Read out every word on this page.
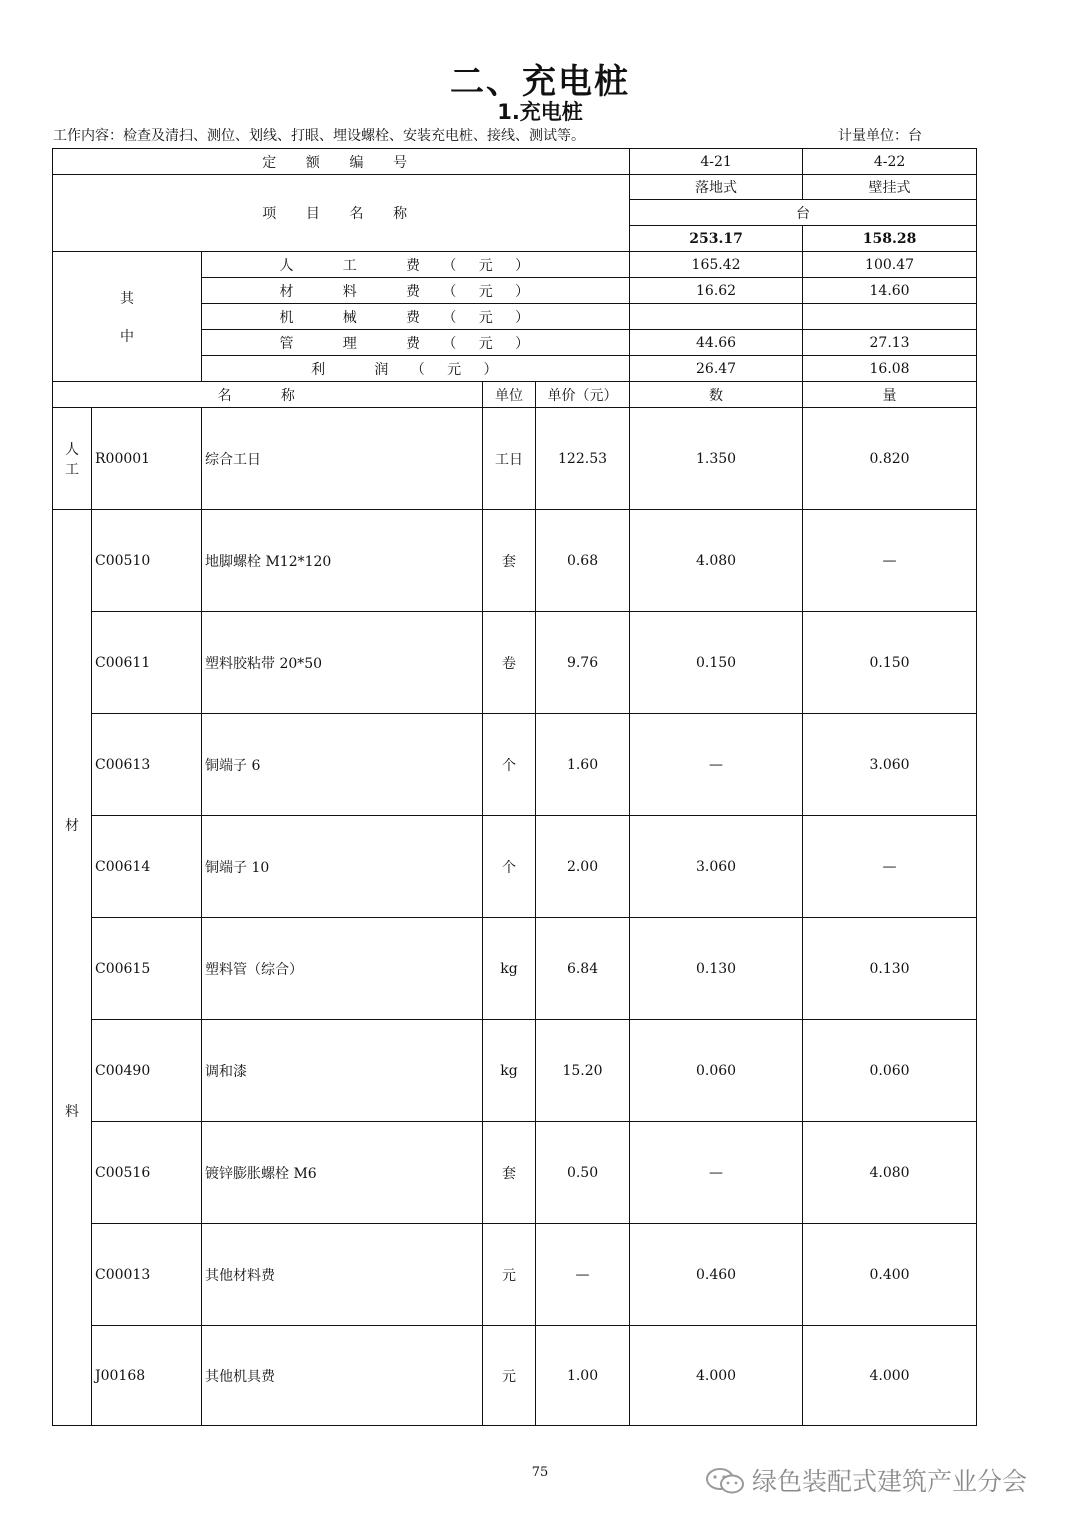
二、充电桩
1.充电桩
工作内容：检查及清扫、测位、划线、打眼、埋设螺栓、安装充电桩、接线、测试等。	计量单位：台
定 额 编 号					4-21	4-22
项 目 名 称					落地式	壁挂式
					台	
					253.17	158.28

其
中		人 工 费（元）			165.42	100.47
		材 料 费（元）			16.62	14.60
		机 械 费（元）				
		管 理 费（元）			44.66	27.13
		利 润（元）			26.47	16.08
名 称			单位	单价（元）	数	量

人
工	R00001	综合工日	工日	122.53	1.350	0.820

材
料	C00510	地脚螺栓 M12*120	套	0.68	4.080	—
	C00611	塑料胶粘带 20*50	卷	9.76	0.150	0.150
	C00613	铜端子 6	个	1.60	—	3.060
	C00614	铜端子 10	个	2.00	3.060	—
	C00615	塑料管（综合）	kg	6.84	0.130	0.130
	C00490	调和漆	kg	15.20	0.060	0.060
	C00516	镀锌膨胀螺栓 M6	套	0.50	—	4.080
	C00013	其他材料费	元	—	0.460	0.400
	J00168	其他机具费	元	1.00	4.000	4.000
75	绿色装配式建筑产业分会
